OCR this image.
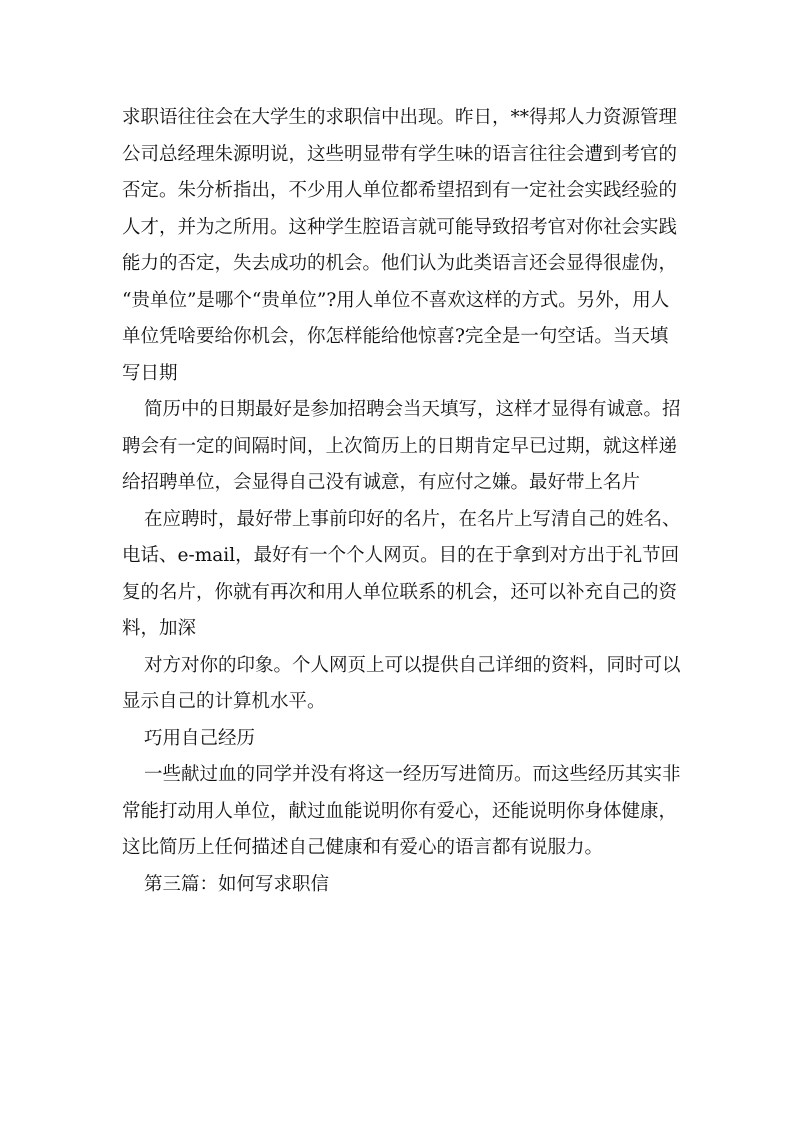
求职语往往会在大学生的求职信中出现。昨日，**得邦人力资源管理
公司总经理朱源明说，这些明显带有学生味的语言往往会遭到考官的
否定。朱分析指出，不少用人单位都希望招到有一定社会实践经验的
人才，并为之所用。这种学生腔语言就可能导致招考官对你社会实践
能力的否定，失去成功的机会。他们认为此类语言还会显得很虚伪，
“贵单位”是哪个“贵单位”?用人单位不喜欢这样的方式。另外，用人
单位凭啥要给你机会，你怎样能给他惊喜?完全是一句空话。当天填
写日期
简历中的日期最好是参加招聘会当天填写，这样才显得有诚意。招
聘会有一定的间隔时间，上次简历上的日期肯定早已过期，就这样递
给招聘单位，会显得自己没有诚意，有应付之嫌。最好带上名片
在应聘时，最好带上事前印好的名片，在名片上写清自己的姓名、
电话、e-mail，最好有一个个人网页。目的在于拿到对方出于礼节回
复的名片，你就有再次和用人单位联系的机会，还可以补充自己的资
料，加深
对方对你的印象。个人网页上可以提供自己详细的资料，同时可以
显示自己的计算机水平。
巧用自己经历
一些献过血的同学并没有将这一经历写进简历。而这些经历其实非
常能打动用人单位，献过血能说明你有爱心，还能说明你身体健康，
这比简历上任何描述自己健康和有爱心的语言都有说服力。
第三篇：如何写求职信
